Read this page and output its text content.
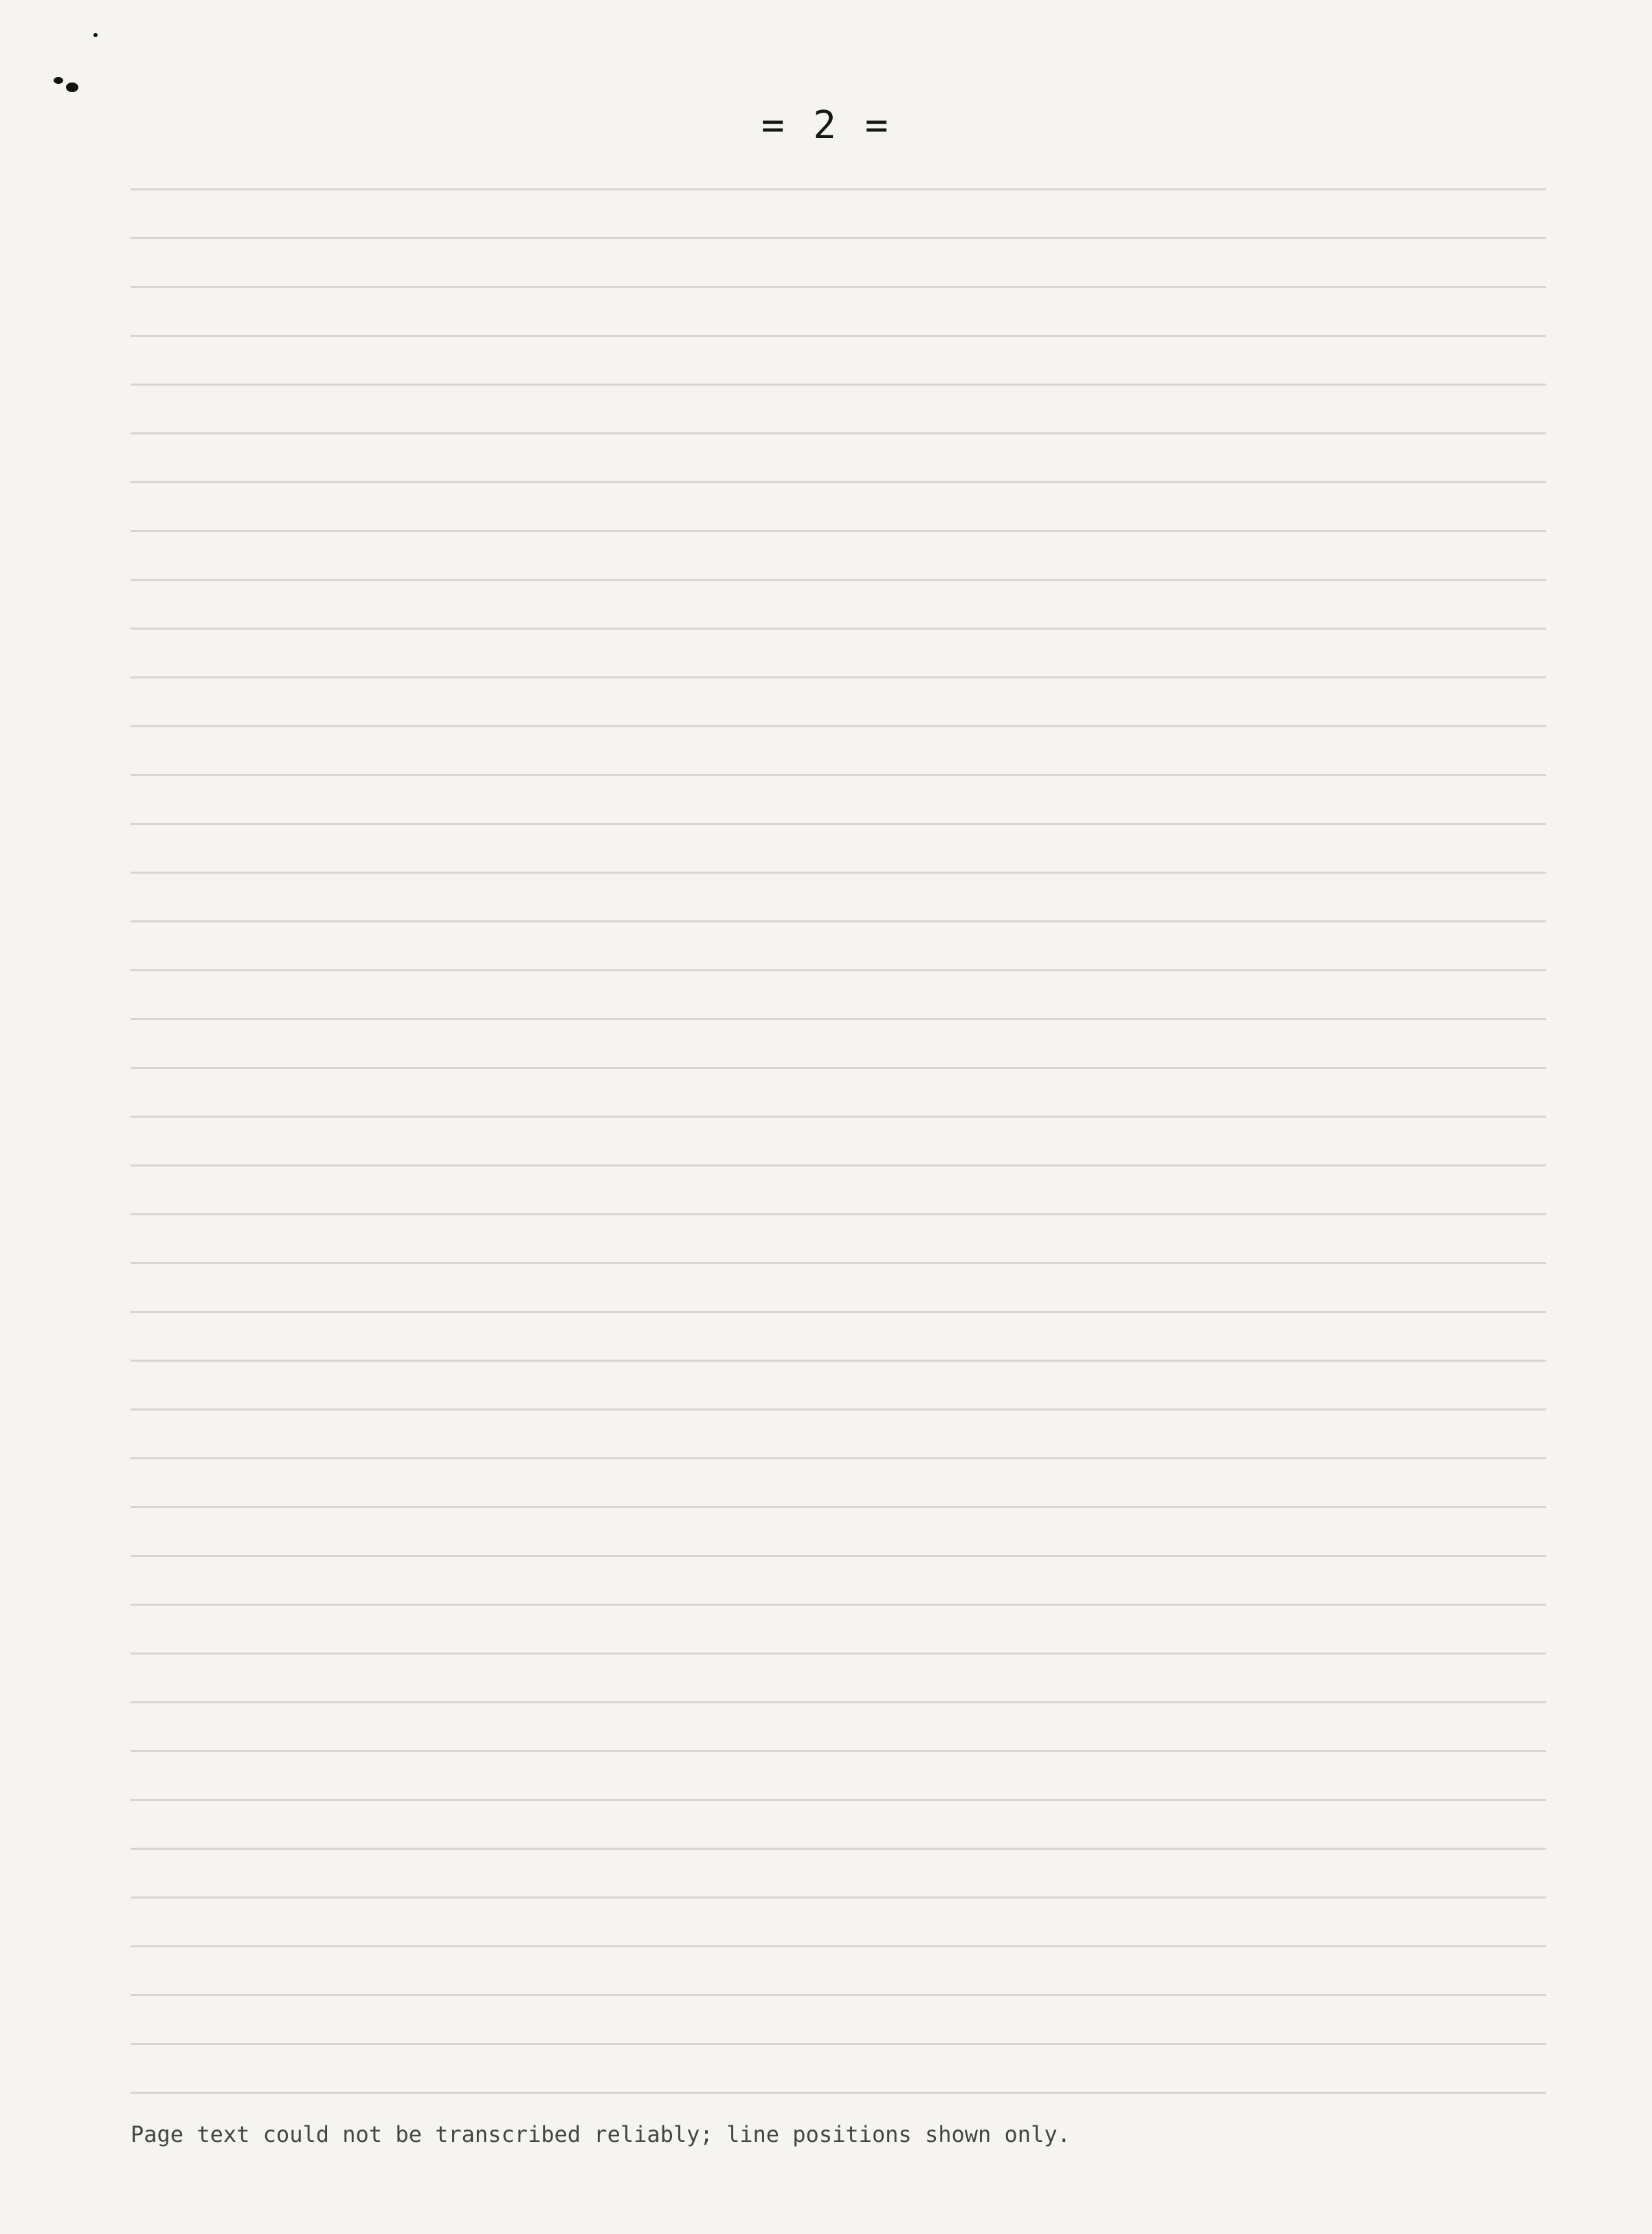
= 2 =
Page text could not be transcribed reliably; line positions shown only.
